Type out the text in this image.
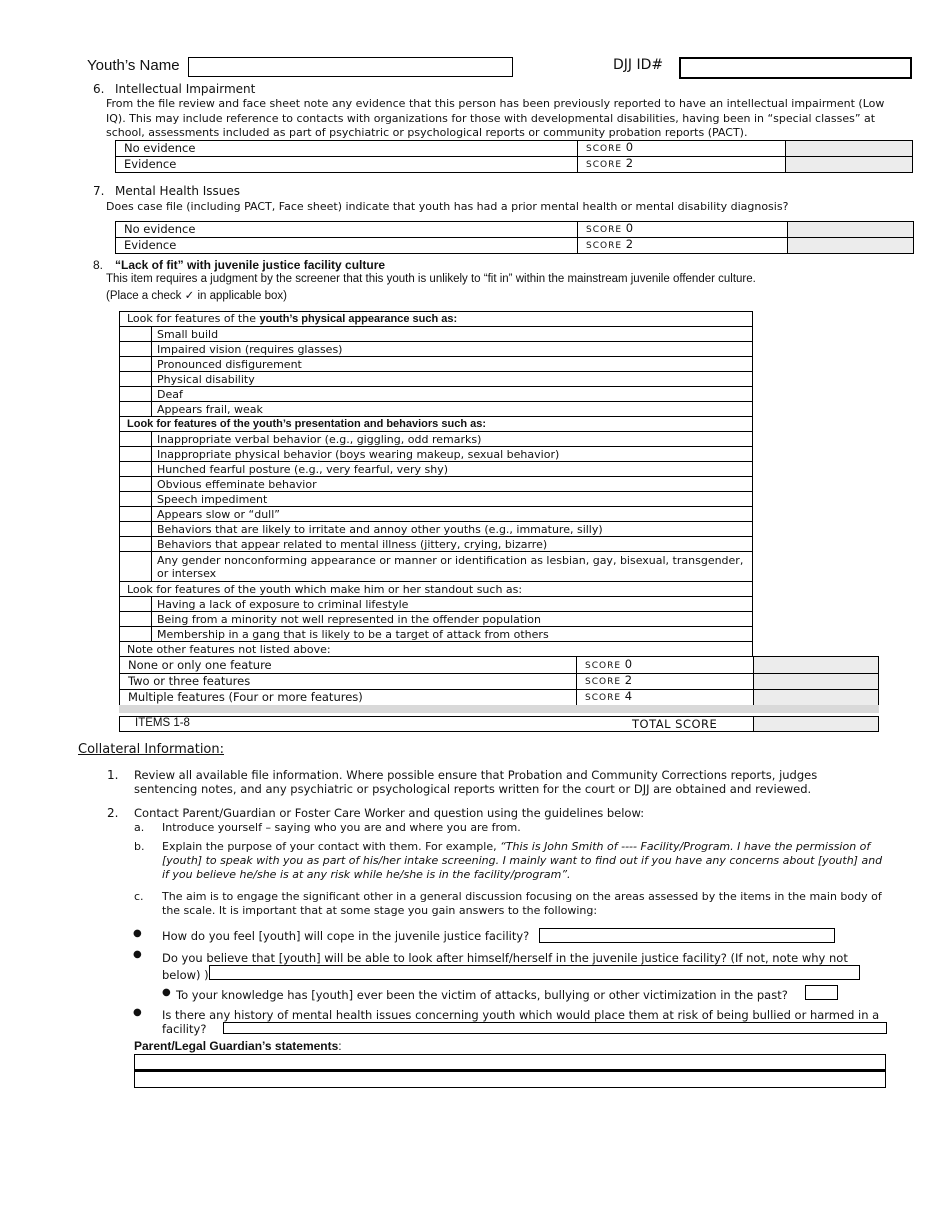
Youth’s Name	DJJ ID#
6. Intellectual Impairment

From the file review and face sheet note any evidence that this person has been previously reported to have an intellectual impairment (Low IQ). This may include reference to contacts with organizations for those with developmental disabilities, having been in “special classes” at school, assessments included as part of psychiatric or psychological reports or community probation reports (PACT).

No evidence	SCORE 0	
Evidence	SCORE 2	
7. Mental Health Issues

Does case file (including PACT, Face sheet) indicate that youth has had a prior mental health or mental disability diagnosis?

No evidence	SCORE 0	
Evidence	SCORE 2	
8. “Lack of fit” with juvenile justice facility culture

This item requires a judgment by the screener that this youth is unlikely to “fit in” within the mainstream juvenile offender culture.

(Place a check ✓ in applicable box)

Look for features of the youth’s physical appearance such as:	
	Small build
	Impaired vision (requires glasses)
	Pronounced disfigurement
	Physical disability
	Deaf
	Appears frail, weak
Look for features of the youth’s presentation and behaviors such as:	
	Inappropriate verbal behavior (e.g., giggling, odd remarks)
	Inappropriate physical behavior (boys wearing makeup, sexual behavior)
	Hunched fearful posture (e.g., very fearful, very shy)
	Obvious effeminate behavior
	Speech impediment
	Appears slow or “dull”
	Behaviors that are likely to irritate and annoy other youths (e.g., immature, silly)
	Behaviors that appear related to mental illness (jittery, crying, bizarre)
	Any gender nonconforming appearance or manner or identification as lesbian, gay, bisexual, transgender, or intersex
Look for features of the youth which make him or her standout such as:	
	Having a lack of exposure to criminal lifestyle
	Being from a minority not well represented in the offender population
	Membership in a gang that is likely to be a target of attack from others
Note other features not listed above:	
None or only one feature	SCORE 0	
Two or three features	SCORE 2	
Multiple features (Four or more features)	SCORE 4	
ITEMS 1-8	TOTAL SCORE
Collateral Information:
1. Review all available file information. Where possible ensure that Probation and Community Corrections reports, judges sentencing notes, and any psychiatric or psychological reports written for the court or DJJ are obtained and reviewed.

2. Contact Parent/Guardian or Foster Care Worker and question using the guidelines below:

a. Introduce yourself – saying who you are and where you are from.

b. Explain the purpose of your contact with them. For example, “This is John Smith of ---- Facility/Program. I have the permission of [youth] to speak with you as part of his/her intake screening. I mainly want to find out if you have any concerns about [youth] and if you believe he/she is at any risk while he/she is in the facility/program”.

c. The aim is to engage the significant other in a general discussion focusing on the areas assessed by the items in the main body of the scale. It is important that at some stage you gain answers to the following:

● How do you feel [youth] will cope in the juvenile justice facility?
● Do you believe that [youth] will be able to look after himself/herself in the juvenile justice facility? (If not, note why not below) )

● To your knowledge has [youth] ever been the victim of attacks, bullying or other victimization in the past?
● Is there any history of mental health issues concerning youth which would place them at risk of being bullied or harmed in a facility?

Parent/Legal Guardian’s statements:
